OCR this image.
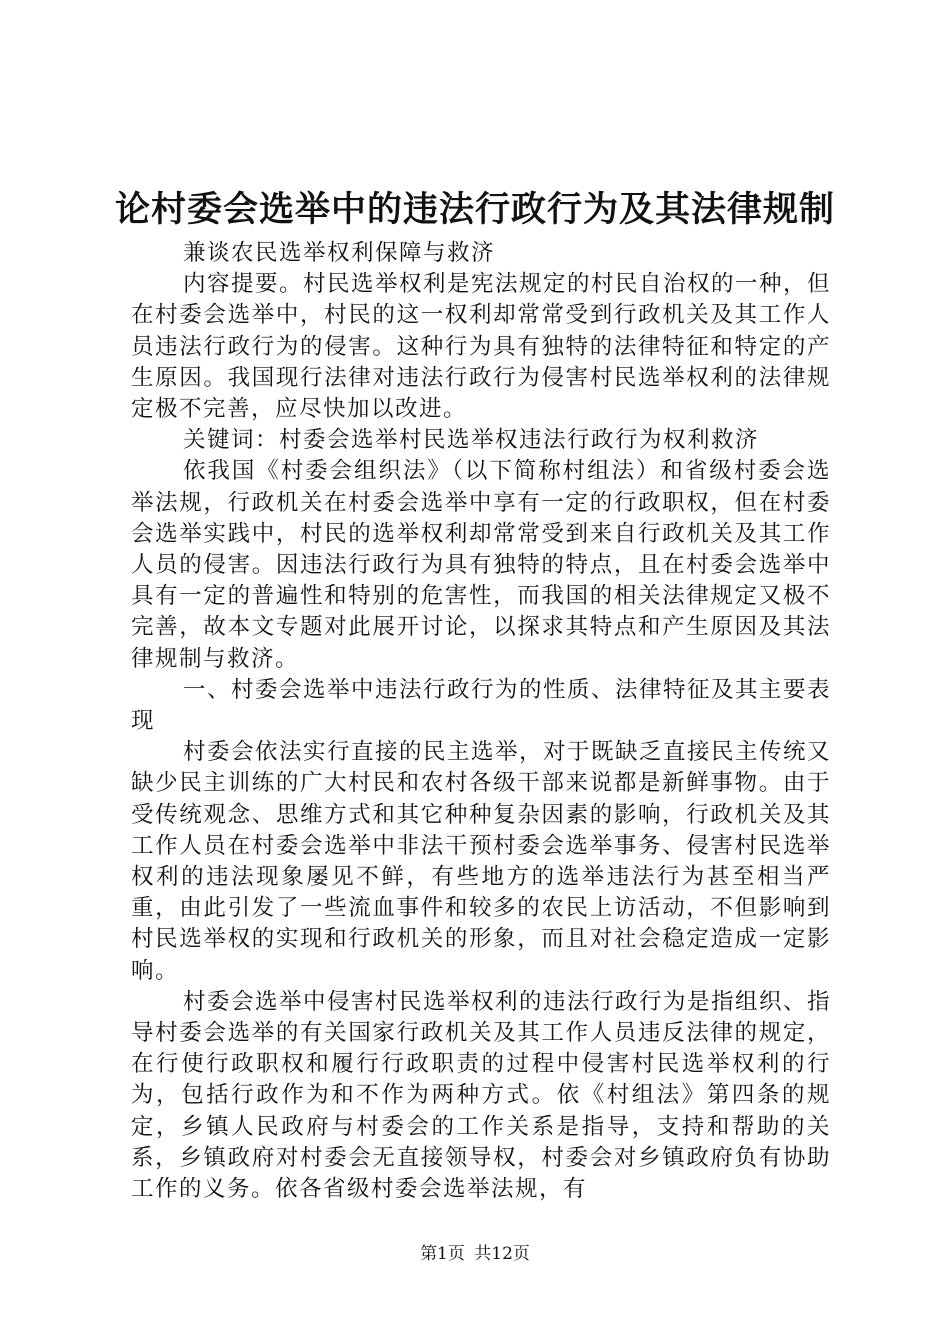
论村委会选举中的违法行政行为及其法律规制

兼谈农民选举权利保障与救济

内容提要。村民选举权利是宪法规定的村民自治权的一种，但在村委会选举中，村民的这一权利却常常受到行政机关及其工作人员违法行政行为的侵害。这种行为具有独特的法律特征和特定的产生原因。我国现行法律对违法行政行为侵害村民选举权利的法律规定极不完善，应尽快加以改进。

关键词：村委会选举村民选举权违法行政行为权利救济

依我国《村委会组织法》（以下简称村组法）和省级村委会选举法规，行政机关在村委会选举中享有一定的行政职权，但在村委会选举实践中，村民的选举权利却常常受到来自行政机关及其工作人员的侵害。因违法行政行为具有独特的特点，且在村委会选举中具有一定的普遍性和特别的危害性，而我国的相关法律规定又极不完善，故本文专题对此展开讨论，以探求其特点和产生原因及其法律规制与救济。

一、村委会选举中违法行政行为的性质、法律特征及其主要表现

村委会依法实行直接的民主选举，对于既缺乏直接民主传统又缺少民主训练的广大村民和农村各级干部来说都是新鲜事物。由于受传统观念、思维方式和其它种种复杂因素的影响，行政机关及其工作人员在村委会选举中非法干预村委会选举事务、侵害村民选举权利的违法现象屡见不鲜，有些地方的选举违法行为甚至相当严重，由此引发了一些流血事件和较多的农民上访活动，不但影响到村民选举权的实现和行政机关的形象，而且对社会稳定造成一定影响。

村委会选举中侵害村民选举权利的违法行政行为是指组织、指导村委会选举的有关国家行政机关及其工作人员违反法律的规定，在行使行政职权和履行行政职责的过程中侵害村民选举权利的行为，包括行政作为和不作为两种方式。依《村组法》第四条的规定，乡镇人民政府与村委会的工作关系是指导，支持和帮助的关系，乡镇政府对村委会无直接领导权，村委会对乡镇政府负有协助工作的义务。依各省级村委会选举法规，有

第1页 共12页
